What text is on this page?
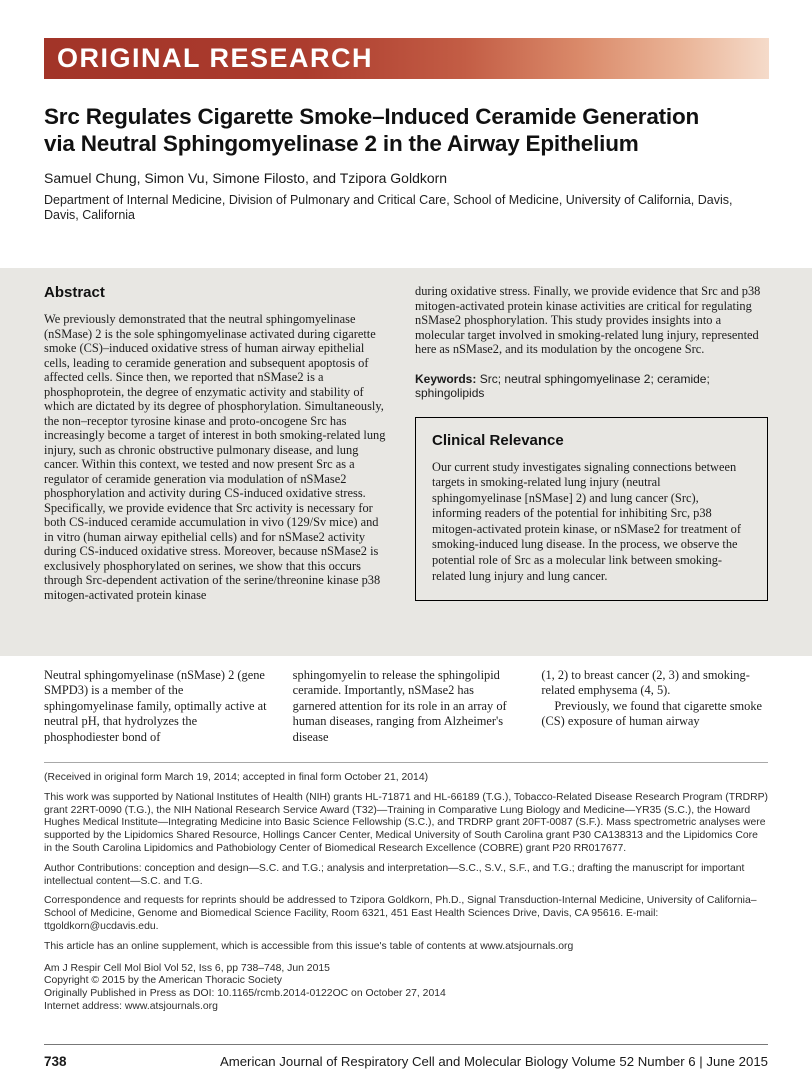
ORIGINAL RESEARCH
Src Regulates Cigarette Smoke–Induced Ceramide Generation
via Neutral Sphingomyelinase 2 in the Airway Epithelium
Samuel Chung, Simon Vu, Simone Filosto, and Tzipora Goldkorn
Department of Internal Medicine, Division of Pulmonary and Critical Care, School of Medicine, University of California, Davis, Davis, California
Abstract

We previously demonstrated that the neutral sphingomyelinase (nSMase) 2 is the sole sphingomyelinase activated during cigarette smoke (CS)–induced oxidative stress of human airway epithelial cells, leading to ceramide generation and subsequent apoptosis of affected cells. Since then, we reported that nSMase2 is a phosphoprotein, the degree of enzymatic activity and stability of which are dictated by its degree of phosphorylation. Simultaneously, the non–receptor tyrosine kinase and proto-oncogene Src has increasingly become a target of interest in both smoking-related lung injury, such as chronic obstructive pulmonary disease, and lung cancer. Within this context, we tested and now present Src as a regulator of ceramide generation via modulation of nSMase2 phosphorylation and activity during CS-induced oxidative stress. Specifically, we provide evidence that Src activity is necessary for both CS-induced ceramide accumulation in vivo (129/Sv mice) and in vitro (human airway epithelial cells) and for nSMase2 activity during CS-induced oxidative stress. Moreover, because nSMase2 is exclusively phosphorylated on serines, we show that this occurs through Src-dependent activation of the serine/threonine kinase p38 mitogen-activated protein kinase

during oxidative stress. Finally, we provide evidence that Src and p38 mitogen-activated protein kinase activities are critical for regulating nSMase2 phosphorylation. This study provides insights into a molecular target involved in smoking-related lung injury, represented here as nSMase2, and its modulation by the oncogene Src.

Keywords: Src; neutral sphingomyelinase 2; ceramide; sphingolipids

Clinical Relevance

Our current study investigates signaling connections between targets in smoking-related lung injury (neutral sphingomyelinase [nSMase] 2) and lung cancer (Src), informing readers of the potential for inhibiting Src, p38 mitogen-activated protein kinase, or nSMase2 for treatment of smoking-induced lung disease. In the process, we observe the potential role of Src as a molecular link between smoking-related lung injury and lung cancer.

Neutral sphingomyelinase (nSMase) 2 (gene SMPD3) is a member of the sphingomyelinase family, optimally active at neutral pH, that hydrolyzes the phosphodiester bond of

sphingomyelin to release the sphingolipid ceramide. Importantly, nSMase2 has garnered attention for its role in an array of human diseases, ranging from Alzheimer's disease

(1, 2) to breast cancer (2, 3) and smoking-related emphysema (4, 5).

Previously, we found that cigarette smoke (CS) exposure of human airway

(Received in original form March 19, 2014; accepted in final form October 21, 2014)

This work was supported by National Institutes of Health (NIH) grants HL-71871 and HL-66189 (T.G.), Tobacco-Related Disease Research Program (TRDRP) grant 22RT-0090 (T.G.), the NIH National Research Service Award (T32)—Training in Comparative Lung Biology and Medicine—YR35 (S.C.), the Howard Hughes Medical Institute—Integrating Medicine into Basic Science Fellowship (S.C.), and TRDRP grant 20FT-0087 (S.F.). Mass spectrometric analyses were supported by the Lipidomics Shared Resource, Hollings Cancer Center, Medical University of South Carolina grant P30 CA138313 and the Lipidomics Core in the South Carolina Lipidomics and Pathobiology Center of Biomedical Research Excellence (COBRE) grant P20 RR017677.

Author Contributions: conception and design—S.C. and T.G.; analysis and interpretation—S.C., S.V., S.F., and T.G.; drafting the manuscript for important intellectual content—S.C. and T.G.

Correspondence and requests for reprints should be addressed to Tzipora Goldkorn, Ph.D., Signal Transduction-Internal Medicine, University of California–School of Medicine, Genome and Biomedical Science Facility, Room 6321, 451 East Health Sciences Drive, Davis, CA 95616. E-mail: ttgoldkorn@ucdavis.edu.

This article has an online supplement, which is accessible from this issue's table of contents at www.atsjournals.org

Am J Respir Cell Mol Biol Vol 52, Iss 6, pp 738–748, Jun 2015

Copyright © 2015 by the American Thoracic Society

Originally Published in Press as DOI: 10.1165/rcmb.2014-0122OC on October 27, 2014

Internet address: www.atsjournals.org

738	American Journal of Respiratory Cell and Molecular Biology Volume 52 Number 6 | June 2015
